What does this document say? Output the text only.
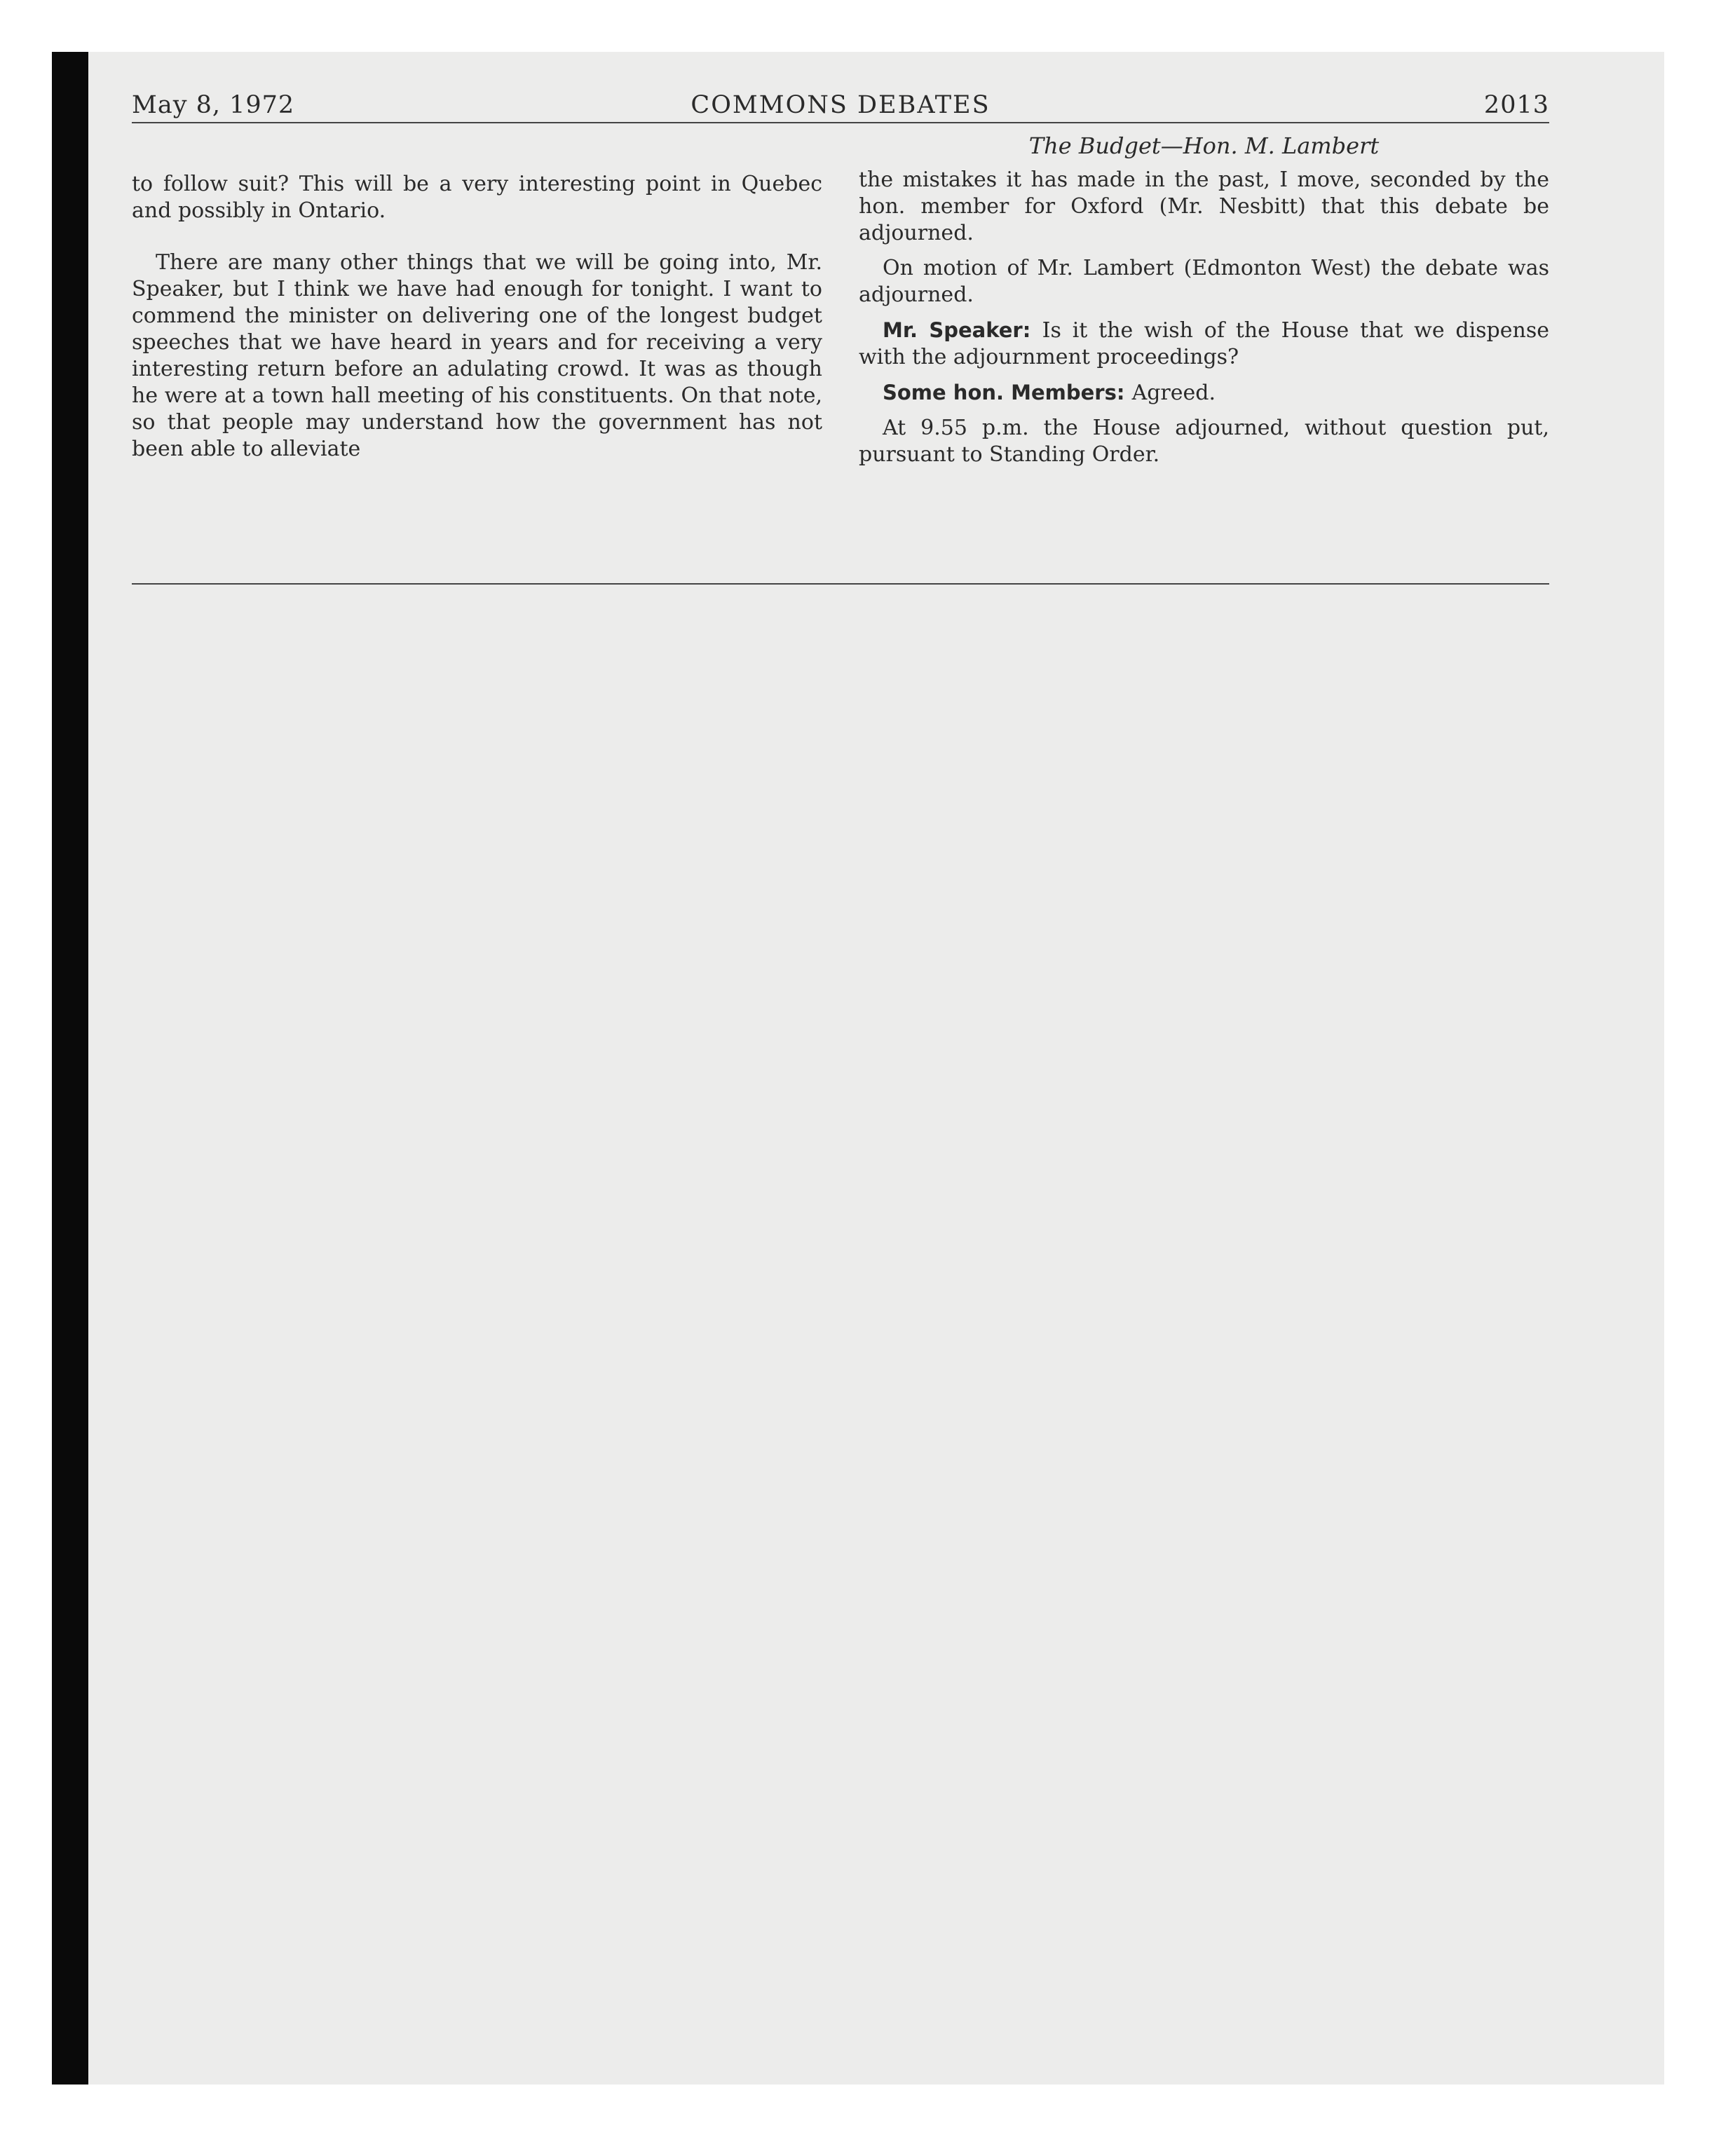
May 8, 1972	COMMONS DEBATES	2013

to follow suit? This will be a very interesting point in Quebec and possibly in Ontario.

There are many other things that we will be going into, Mr. Speaker, but I think we have had enough for tonight. I want to commend the minister on delivering one of the longest budget speeches that we have heard in years and for receiving a very interesting return before an adulating crowd. It was as though he were at a town hall meeting of his constituents. On that note, so that people may understand how the government has not been able to alleviate

The Budget—Hon. M. Lambert

the mistakes it has made in the past, I move, seconded by the hon. member for Oxford (Mr. Nesbitt) that this debate be adjourned.

On motion of Mr. Lambert (Edmonton West) the debate was adjourned.

Mr. Speaker: Is it the wish of the House that we dispense with the adjournment proceedings?

Some hon. Members: Agreed.

At 9.55 p.m. the House adjourned, without question put, pursuant to Standing Order.
